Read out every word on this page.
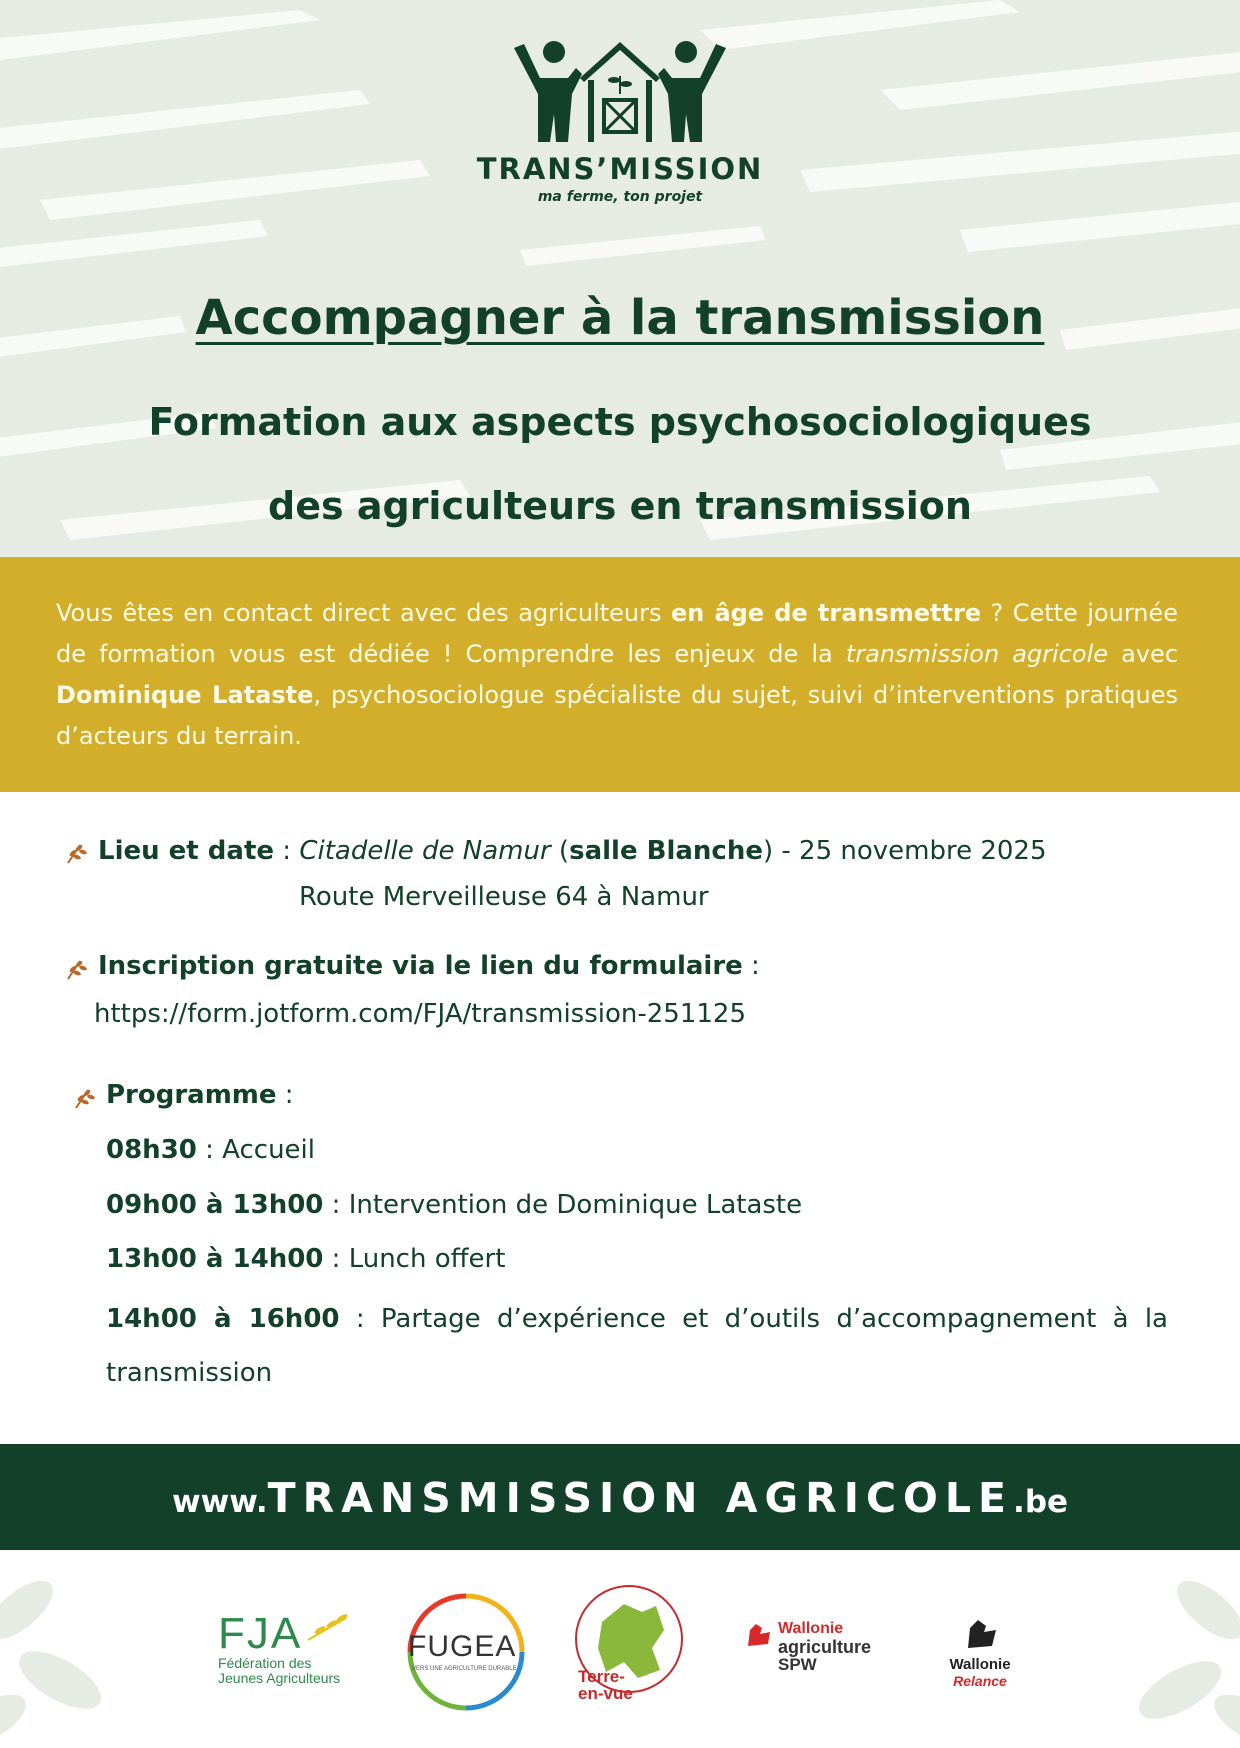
TRANS’MISSION
ma ferme, ton projet
Accompagner à la transmission
Formation aux aspects psychosociologiques
des agriculteurs en transmission

Vous êtes en contact direct avec des agriculteurs en âge de transmettre ? Cette journée de formation vous est dédiée ! Comprendre les enjeux de la transmission agricole avec Dominique Lataste, psychosociologue spécialiste du sujet, suivi d’interventions pratiques d’acteurs du terrain.

Lieu et date : Citadelle de Namur (salle Blanche) - 25 novembre 2025
Route Merveilleuse 64 à Namur
Inscription gratuite via le lien du formulaire :
https://form.jotform.com/FJA/transmission-251125
Programme :
08h30 : Accueil
09h00 à 13h00 : Intervention de Dominique Lataste
13h00 à 14h00 : Lunch offert
14h00 à 16h00 : Partage d’expérience et d’outils d’accompagnement à la transmission
www.TRANSMISSION AGRICOLE.be
FJA
Fédération des
Jeunes Agriculteurs
FUGEA
VERS UNE AGRICULTURE DURABLE	Terre-
en-vue
Wallonie
agriculture
SPW	Wallonie
Relance
